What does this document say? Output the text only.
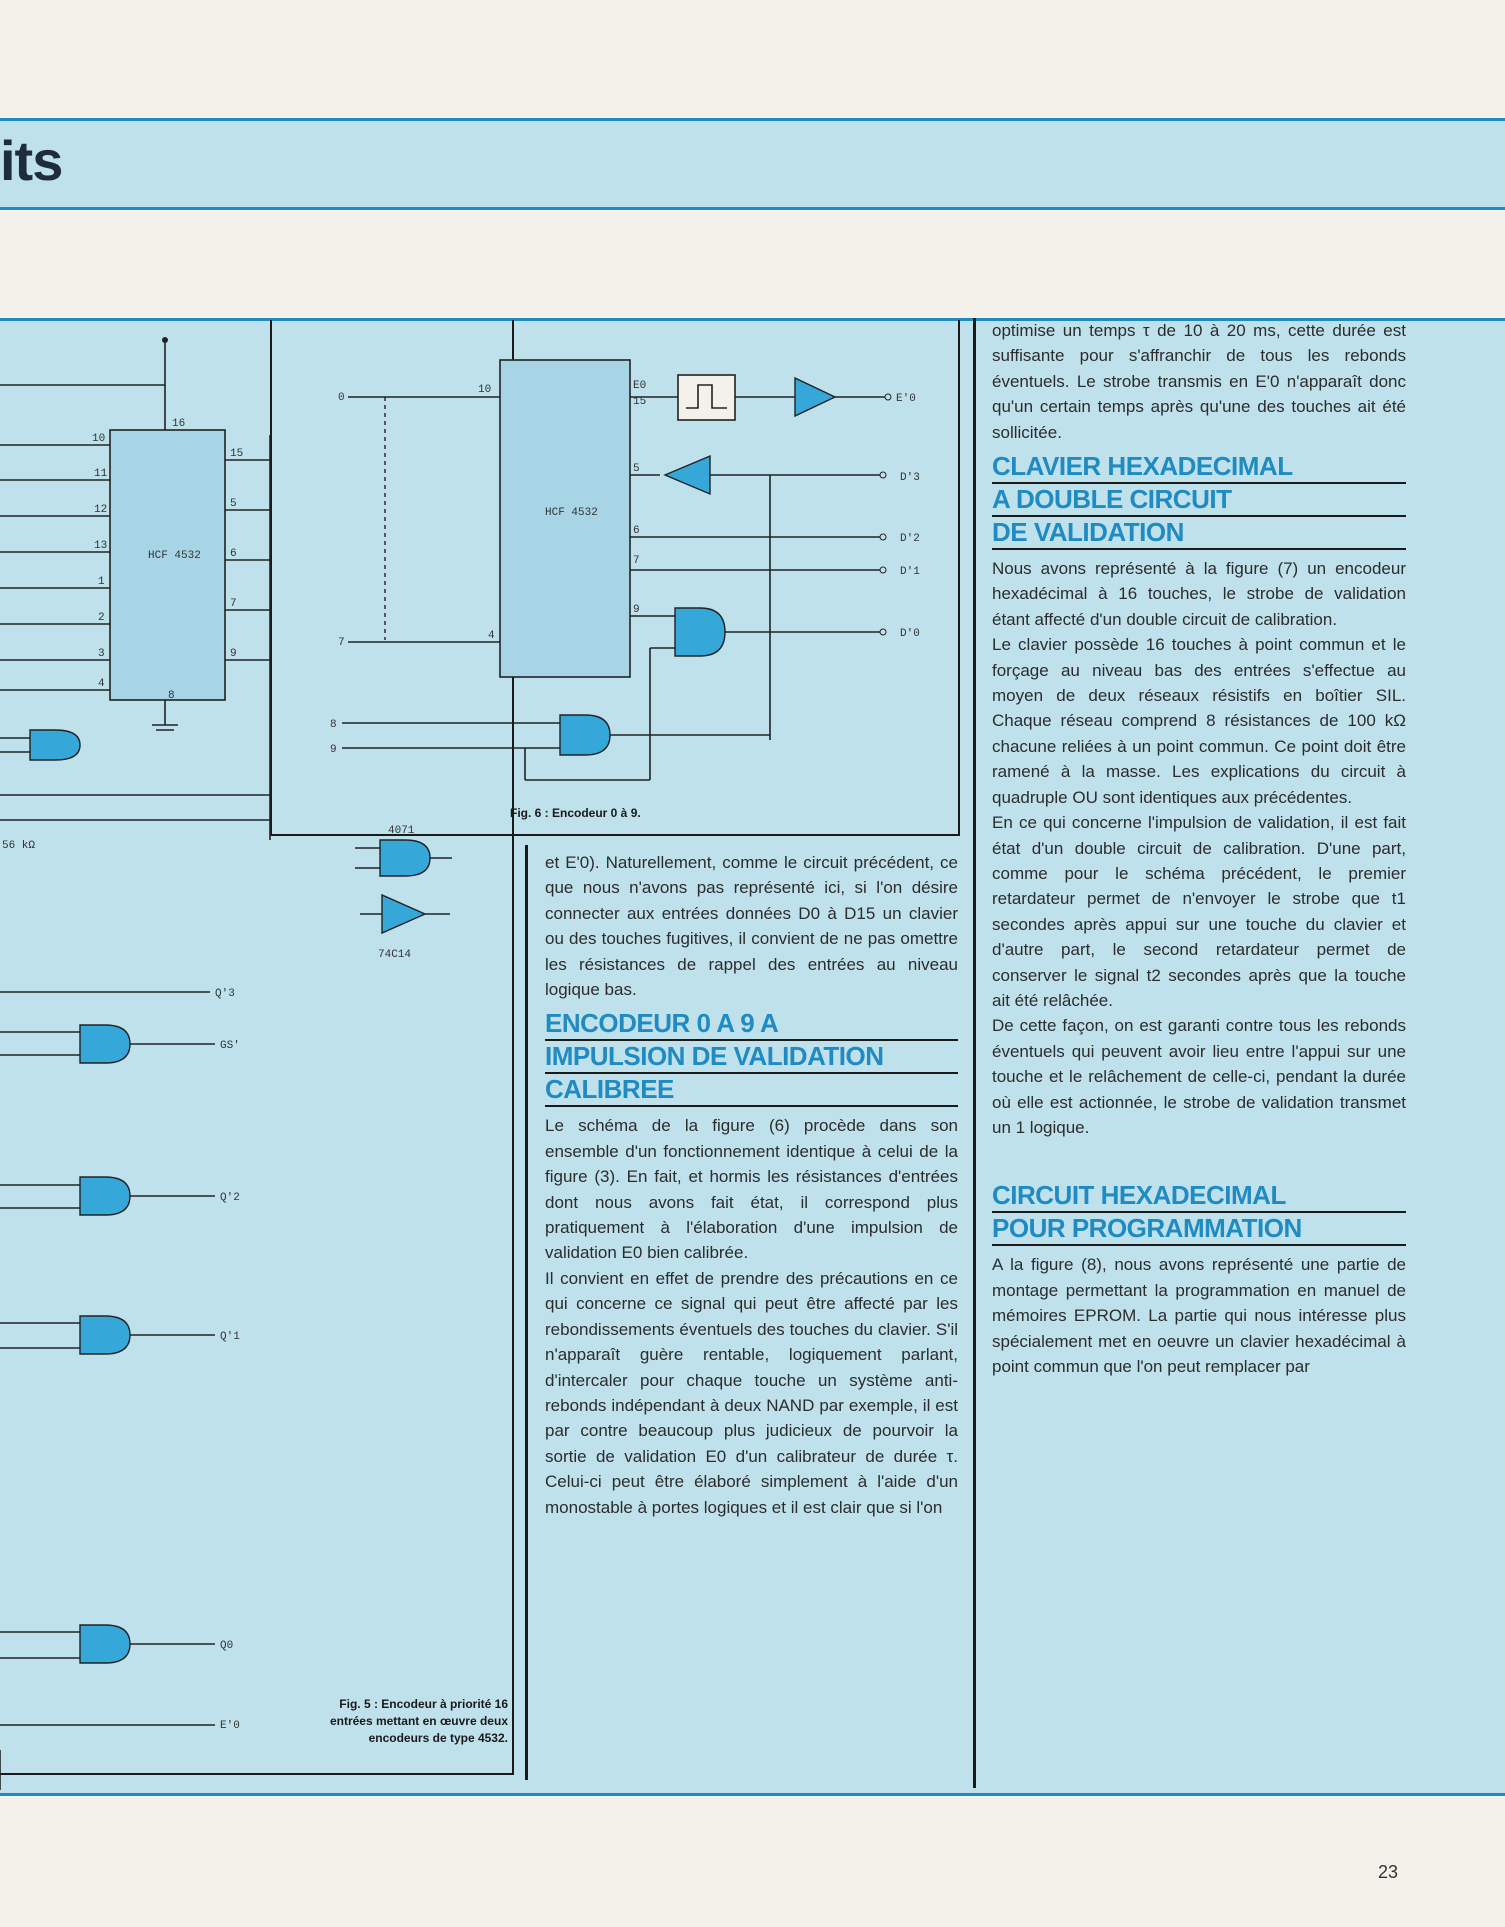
its
HCF 4532
16
8
10
11
12
13
1
2
3
4
15
5
6
7
9
56 kΩ
Q'3
GS'
Q'2
Q'1
Q0
E'0
HCF 4532
0
10
7
4
E0
15	E'0
5
D'3
6
D'2
7
D'1
9
D'0
8
9
4071
74C14
Fig. 6 : Encodeur 0 à 9.
Fig. 5 : Encodeur à priorité 16
entrées mettant en œuvre deux
encodeurs de type 4532.

et E'0). Naturellement, comme le circuit précédent, ce que nous n'avons pas représenté ici, si l'on désire connecter aux entrées données D0 à D15 un clavier ou des touches fugitives, il convient de ne pas omettre les résistances de rappel des entrées au niveau logique bas.

ENCODEUR 0 A 9 A
IMPULSION DE VALIDATION
CALIBREE

Le schéma de la figure (6) procède dans son ensemble d'un fonctionnement identique à celui de la figure (3). En fait, et hormis les résistances d'entrées dont nous avons fait état, il correspond plus pratiquement à l'élaboration d'une impulsion de validation E0 bien calibrée.

Il convient en effet de prendre des précautions en ce qui concerne ce signal qui peut être affecté par les rebondissements éventuels des touches du clavier. S'il n'apparaît guère rentable, logiquement parlant, d'intercaler pour chaque touche un système anti-rebonds indépendant à deux NAND par exemple, il est par contre beaucoup plus judicieux de pourvoir la sortie de validation E0 d'un calibrateur de durée τ. Celui-ci peut être élaboré simplement à l'aide d'un monostable à portes logiques et il est clair que si l'on

optimise un temps τ de 10 à 20 ms, cette durée est suffisante pour s'affranchir de tous les rebonds éventuels. Le strobe transmis en E'0 n'apparaît donc qu'un certain temps après qu'une des touches ait été sollicitée.

CLAVIER HEXADECIMAL
A DOUBLE CIRCUIT
DE VALIDATION

Nous avons représenté à la figure (7) un encodeur hexadécimal à 16 touches, le strobe de validation étant affecté d'un double circuit de calibration.

Le clavier possède 16 touches à point commun et le forçage au niveau bas des entrées s'effectue au moyen de deux réseaux résistifs en boîtier SIL. Chaque réseau comprend 8 résistances de 100 kΩ chacune reliées à un point commun. Ce point doit être ramené à la masse. Les explications du circuit à quadruple OU sont identiques aux précédentes.

En ce qui concerne l'impulsion de validation, il est fait état d'un double circuit de calibration. D'une part, comme pour le schéma précédent, le premier retardateur permet de n'envoyer le strobe que t1 secondes après appui sur une touche du clavier et d'autre part, le second retardateur permet de conserver le signal t2 secondes après que la touche ait été relâchée.

De cette façon, on est garanti contre tous les rebonds éventuels qui peuvent avoir lieu entre l'appui sur une touche et le relâchement de celle-ci, pendant la durée où elle est actionnée, le strobe de validation transmet un 1 logique.

CIRCUIT HEXADECIMAL
POUR PROGRAMMATION

A la figure (8), nous avons représenté une partie de montage permettant la programmation en manuel de mémoires EPROM. La partie qui nous intéresse plus spécialement met en oeuvre un clavier hexadécimal à point commun que l'on peut remplacer par

23
